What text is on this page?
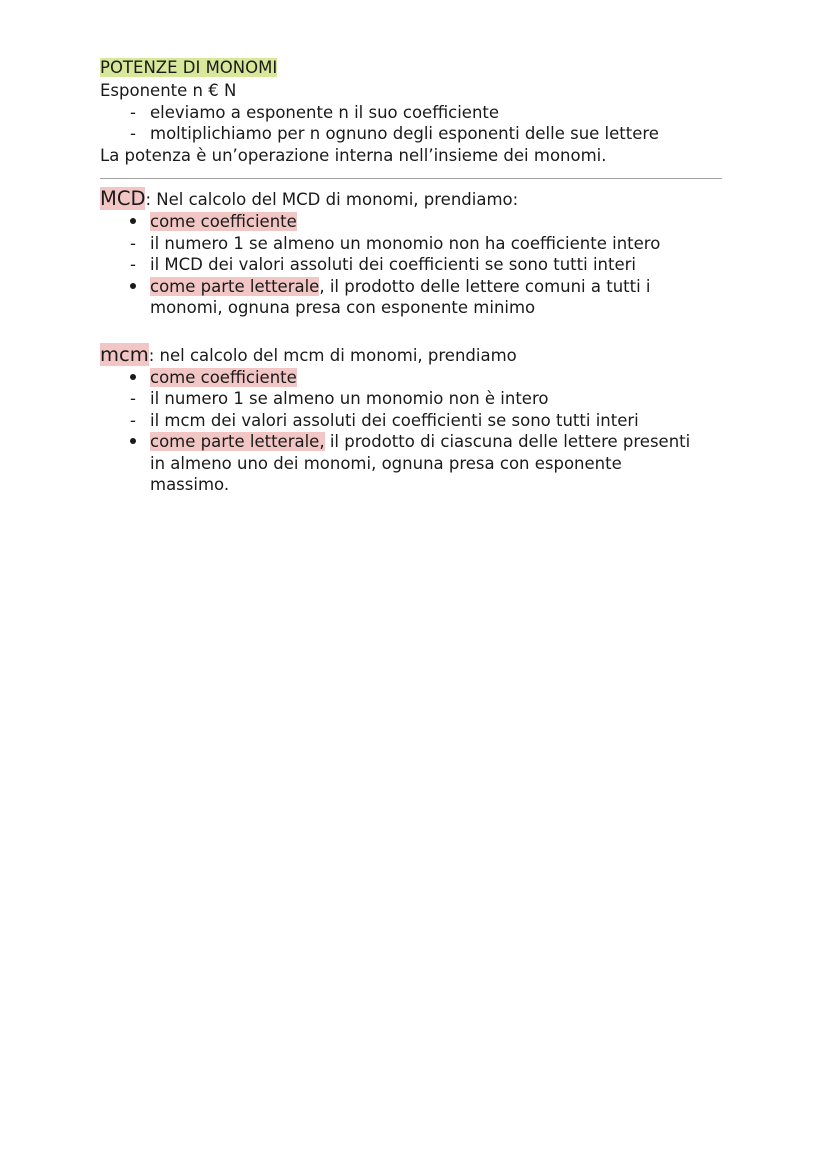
POTENZE DI MONOMI
Esponente n € N
- eleviamo a esponente n il suo coefficiente
- moltiplichiamo per n ognuno degli esponenti delle sue lettere
La potenza è un’operazione interna nell’insieme dei monomi.
MCD: Nel calcolo del MCD di monomi, prendiamo:
come coefficiente
- il numero 1 se almeno un monomio non ha coefficiente intero
- il MCD dei valori assoluti dei coefficienti se sono tutti interi
come parte letterale, il prodotto delle lettere comuni a tutti i
monomi, ognuna presa con esponente minimo
mcm: nel calcolo del mcm di monomi, prendiamo
come coefficiente
- il numero 1 se almeno un monomio non è intero
- il mcm dei valori assoluti dei coefficienti se sono tutti interi
come parte letterale, il prodotto di ciascuna delle lettere presenti
in almeno uno dei monomi, ognuna presa con esponente
massimo.
